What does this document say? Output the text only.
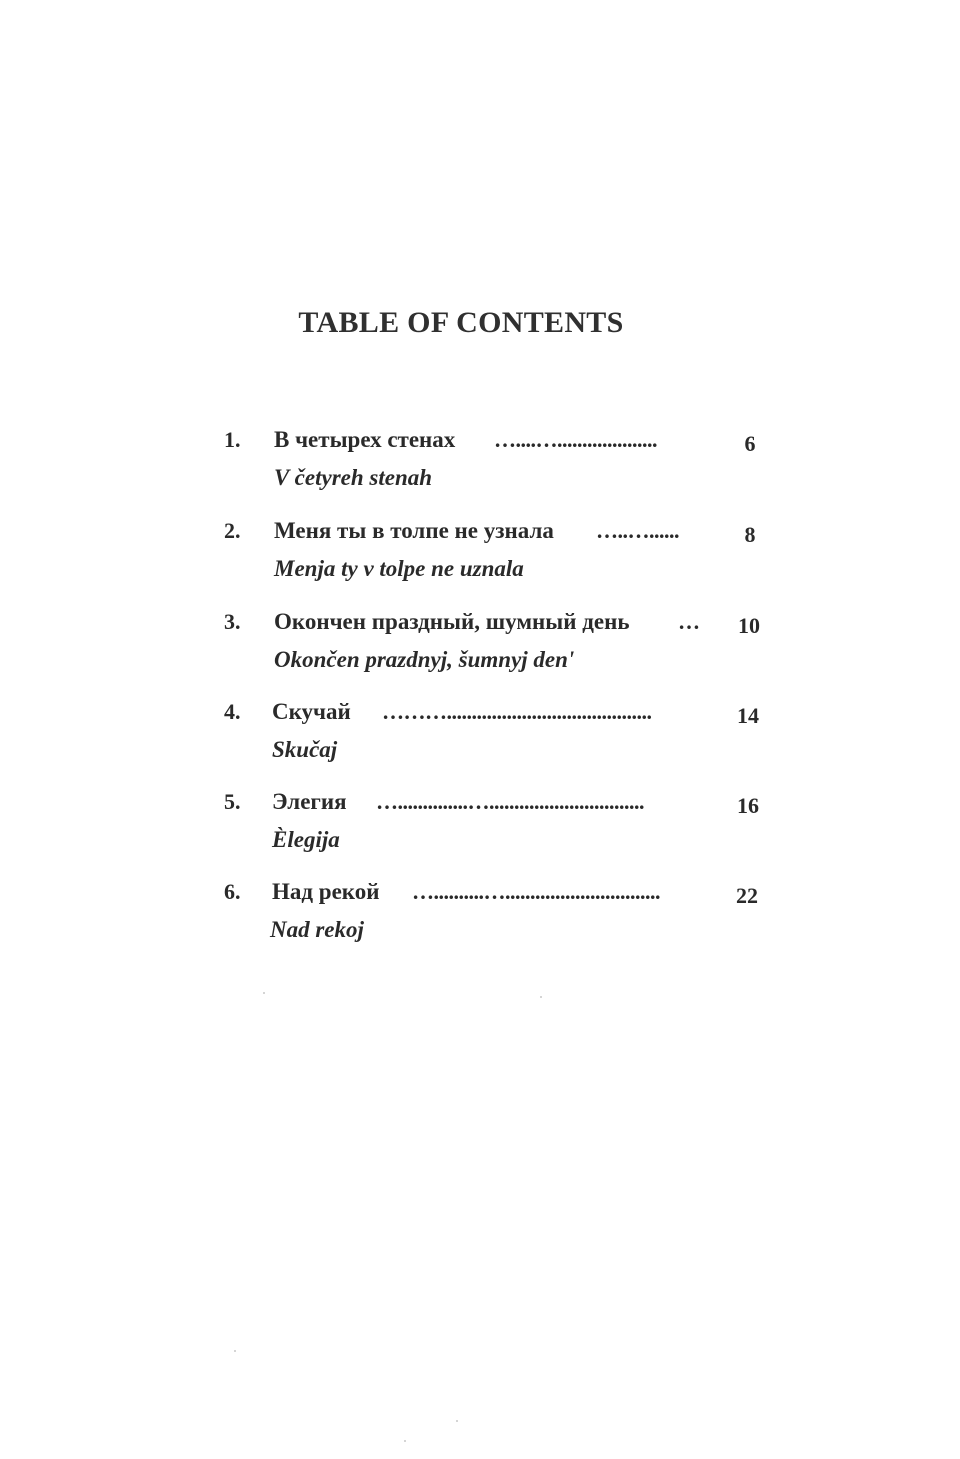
TABLE OF CONTENTS
1. В четырех стенах …....…....................	6
V četyreh stenah
2. Меня ты в толпе не узнала …..…......	8
Menja ty v tolpe ne uznala
3. Окончен праздный, шумный день …	10
Okončen prazdnyj, šumnyj den'
4. Скучай ……….........................................	14
Skučaj
5. Элегия …..............…...............................	16
Èlegija
6. Над рекой …..........…...............................	22
Nad rekoj
